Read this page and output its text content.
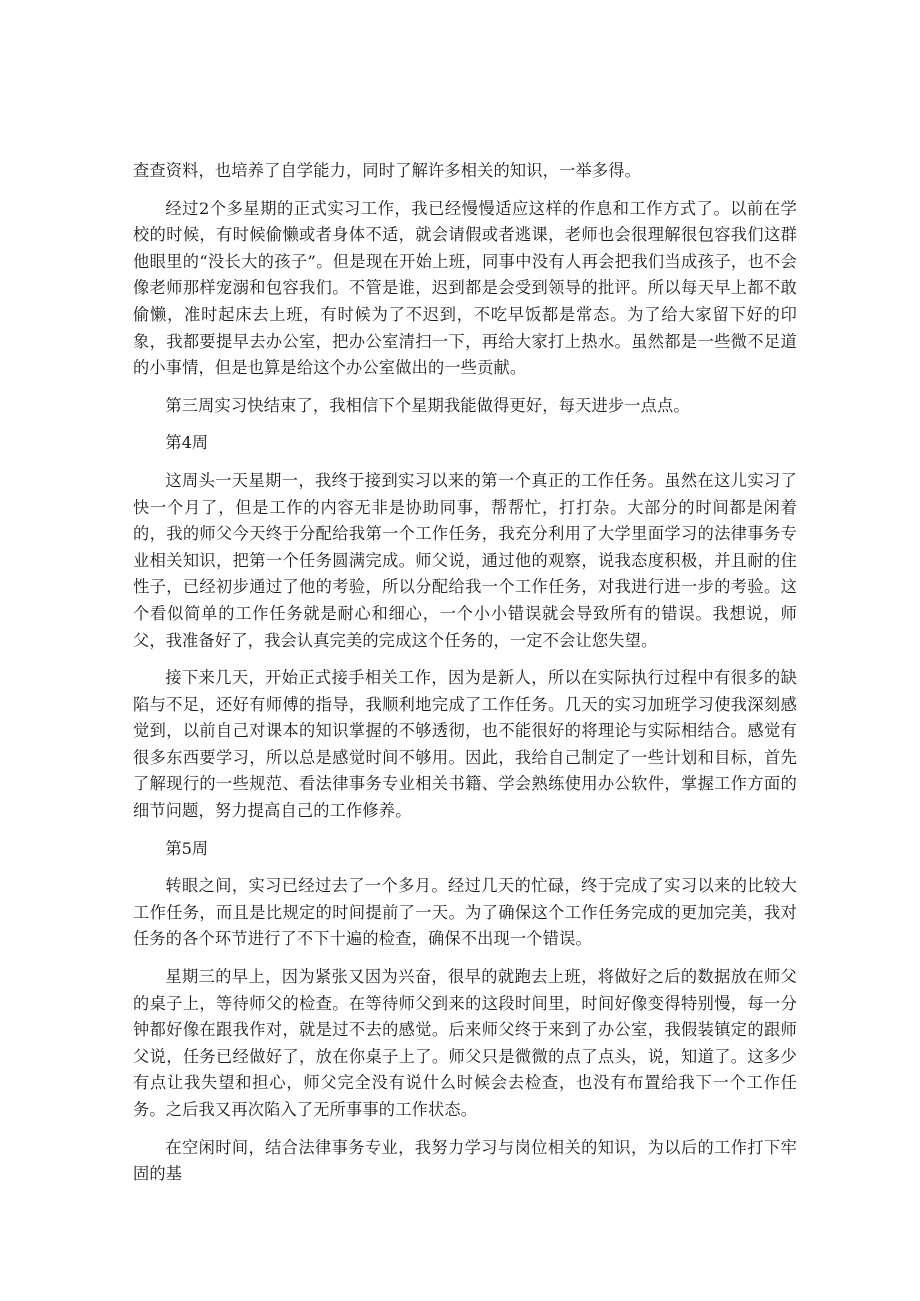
查查资料，也培养了自学能力，同时了解许多相关的知识，一举多得。

经过2个多星期的正式实习工作，我已经慢慢适应这样的作息和工作方式了。以前在学校的时候，有时候偷懒或者身体不适，就会请假或者逃课，老师也会很理解很包容我们这群他眼里的“没长大的孩子”。但是现在开始上班，同事中没有人再会把我们当成孩子，也不会像老师那样宠溺和包容我们。不管是谁，迟到都是会受到领导的批评。所以每天早上都不敢偷懒，准时起床去上班，有时候为了不迟到，不吃早饭都是常态。为了给大家留下好的印象，我都要提早去办公室，把办公室清扫一下，再给大家打上热水。虽然都是一些微不足道的小事情，但是也算是给这个办公室做出的一些贡献。

第三周实习快结束了，我相信下个星期我能做得更好，每天进步一点点。

第4周

这周头一天星期一，我终于接到实习以来的第一个真正的工作任务。虽然在这儿实习了快一个月了，但是工作的内容无非是协助同事，帮帮忙，打打杂。大部分的时间都是闲着的，我的师父今天终于分配给我第一个工作任务，我充分利用了大学里面学习的法律事务专业相关知识，把第一个任务圆满完成。师父说，通过他的观察，说我态度积极，并且耐的住性子，已经初步通过了他的考验，所以分配给我一个工作任务，对我进行进一步的考验。这个看似简单的工作任务就是耐心和细心，一个小小错误就会导致所有的错误。我想说，师父，我准备好了，我会认真完美的完成这个任务的，一定不会让您失望。

接下来几天，开始正式接手相关工作，因为是新人，所以在实际执行过程中有很多的缺陷与不足，还好有师傅的指导，我顺利地完成了工作任务。几天的实习加班学习使我深刻感觉到，以前自己对课本的知识掌握的不够透彻，也不能很好的将理论与实际相结合。感觉有很多东西要学习，所以总是感觉时间不够用。因此，我给自己制定了一些计划和目标，首先了解现行的一些规范、看法律事务专业相关书籍、学会熟练使用办公软件，掌握工作方面的细节问题，努力提高自己的工作修养。

第5周

转眼之间，实习已经过去了一个多月。经过几天的忙碌，终于完成了实习以来的比较大工作任务，而且是比规定的时间提前了一天。为了确保这个工作任务完成的更加完美，我对任务的各个环节进行了不下十遍的检查，确保不出现一个错误。

星期三的早上，因为紧张又因为兴奋，很早的就跑去上班，将做好之后的数据放在师父的桌子上，等待师父的检查。在等待师父到来的这段时间里，时间好像变得特别慢，每一分钟都好像在跟我作对，就是过不去的感觉。后来师父终于来到了办公室，我假装镇定的跟师父说，任务已经做好了，放在你桌子上了。师父只是微微的点了点头，说，知道了。这多少有点让我失望和担心，师父完全没有说什么时候会去检查，也没有布置给我下一个工作任务。之后我又再次陷入了无所事事的工作状态。

在空闲时间，结合法律事务专业，我努力学习与岗位相关的知识，为以后的工作打下牢固的基
